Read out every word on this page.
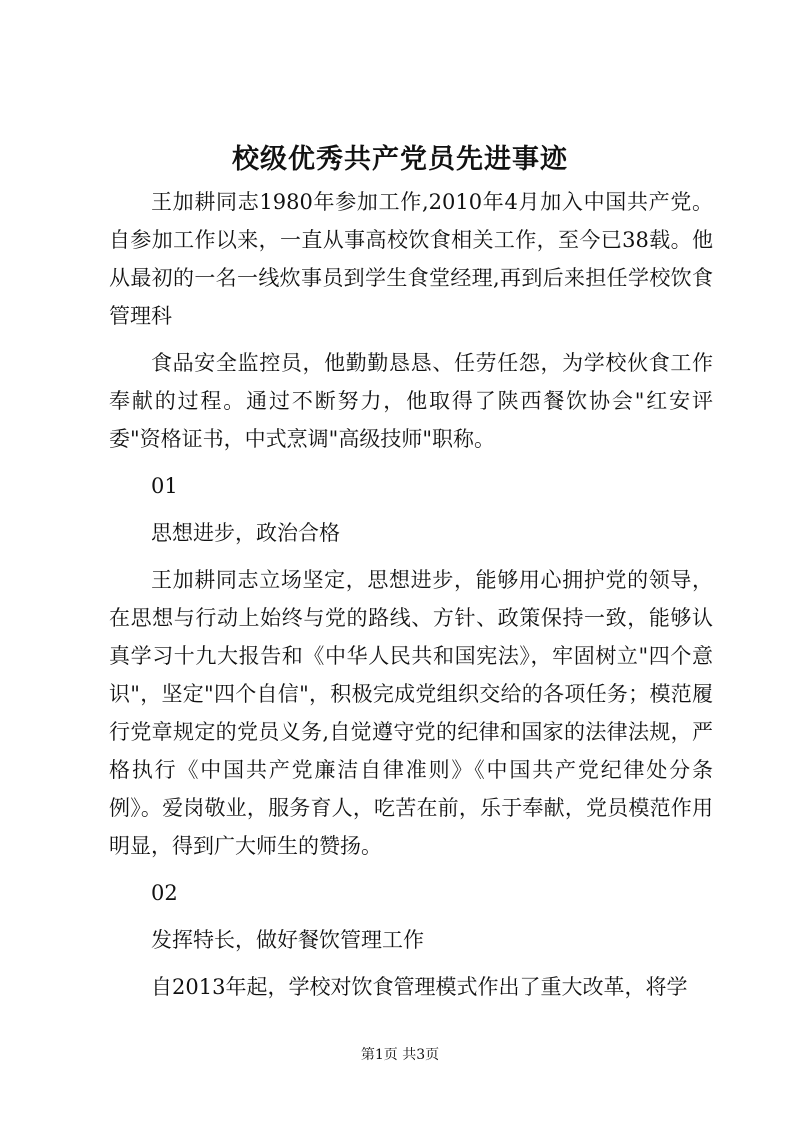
校级优秀共产党员先进事迹

王加耕同志1980年参加工作,2010年4月加入中国共产党。自参加工作以来，一直从事高校饮食相关工作，至今已38载。他从最初的一名一线炊事员到学生食堂经理,再到后来担任学校饮食管理科

食品安全监控员，他勤勤恳恳、任劳任怨，为学校伙食工作奉献的过程。通过不断努力，他取得了陕西餐饮协会"红安评委"资格证书，中式烹调"高级技师"职称。

01

思想进步，政治合格

王加耕同志立场坚定，思想进步，能够用心拥护党的领导，在思想与行动上始终与党的路线、方针、政策保持一致，能够认真学习十九大报告和《中华人民共和国宪法》，牢固树立"四个意识"，坚定"四个自信"，积极完成党组织交给的各项任务；模范履行党章规定的党员义务,自觉遵守党的纪律和国家的法律法规，严格执行《中国共产党廉洁自律准则》《中国共产党纪律处分条例》。爱岗敬业，服务育人，吃苦在前，乐于奉献，党员模范作用明显，得到广大师生的赞扬。

02

发挥特长，做好餐饮管理工作

自2013年起，学校对饮食管理模式作出了重大改革，将学

第1页 共3页
